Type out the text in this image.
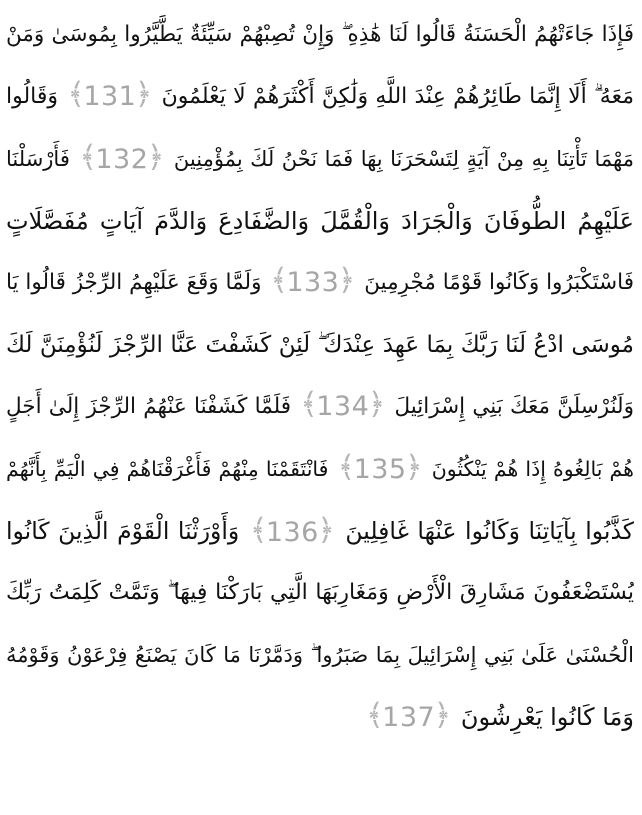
فَإِذَا جَاءَتْهُمُ الْحَسَنَةُ قَالُوا لَنَا هَٰذِهِ ۖ وَإِنْ تُصِبْهُمْ سَيِّئَةٌ يَطَّيَّرُوا بِمُوسَىٰ وَمَنْ
مَعَهُ ۗ أَلَا إِنَّمَا طَائِرُهُمْ عِنْدَ اللَّهِ وَلَٰكِنَّ أَكْثَرَهُمْ لَا يَعْلَمُونَ ﴾ 131 ﴿ وَقَالُوا
مَهْمَا تَأْتِنَا بِهِ مِنْ آيَةٍ لِتَسْحَرَنَا بِهَا فَمَا نَحْنُ لَكَ بِمُؤْمِنِينَ ﴾ 132 ﴿ فَأَرْسَلْنَا
عَلَيْهِمُ الطُّوفَانَ وَالْجَرَادَ وَالْقُمَّلَ وَالضَّفَادِعَ وَالدَّمَ آيَاتٍ مُفَصَّلَاتٍ
فَاسْتَكْبَرُوا وَكَانُوا قَوْمًا مُجْرِمِينَ ﴾ 133 ﴿ وَلَمَّا وَقَعَ عَلَيْهِمُ الرِّجْزُ قَالُوا يَا
مُوسَى ادْعُ لَنَا رَبَّكَ بِمَا عَهِدَ عِنْدَكَ ۖ لَئِنْ كَشَفْتَ عَنَّا الرِّجْزَ لَنُؤْمِنَنَّ لَكَ
وَلَنُرْسِلَنَّ مَعَكَ بَنِي إِسْرَائِيلَ ﴾ 134 ﴿ فَلَمَّا كَشَفْنَا عَنْهُمُ الرِّجْزَ إِلَىٰ أَجَلٍ
هُمْ بَالِغُوهُ إِذَا هُمْ يَنْكُثُونَ ﴾ 135 ﴿ فَانْتَقَمْنَا مِنْهُمْ فَأَغْرَقْنَاهُمْ فِي الْيَمِّ بِأَنَّهُمْ
كَذَّبُوا بِآيَاتِنَا وَكَانُوا عَنْهَا غَافِلِينَ ﴾ 136 ﴿ وَأَوْرَثْنَا الْقَوْمَ الَّذِينَ كَانُوا
يُسْتَضْعَفُونَ مَشَارِقَ الْأَرْضِ وَمَغَارِبَهَا الَّتِي بَارَكْنَا فِيهَا ۖ وَتَمَّتْ كَلِمَتُ رَبِّكَ
الْحُسْنَىٰ عَلَىٰ بَنِي إِسْرَائِيلَ بِمَا صَبَرُوا ۖ وَدَمَّرْنَا مَا كَانَ يَصْنَعُ فِرْعَوْنُ وَقَوْمُهُ
وَمَا كَانُوا يَعْرِشُونَ ﴾ 137 ﴿
